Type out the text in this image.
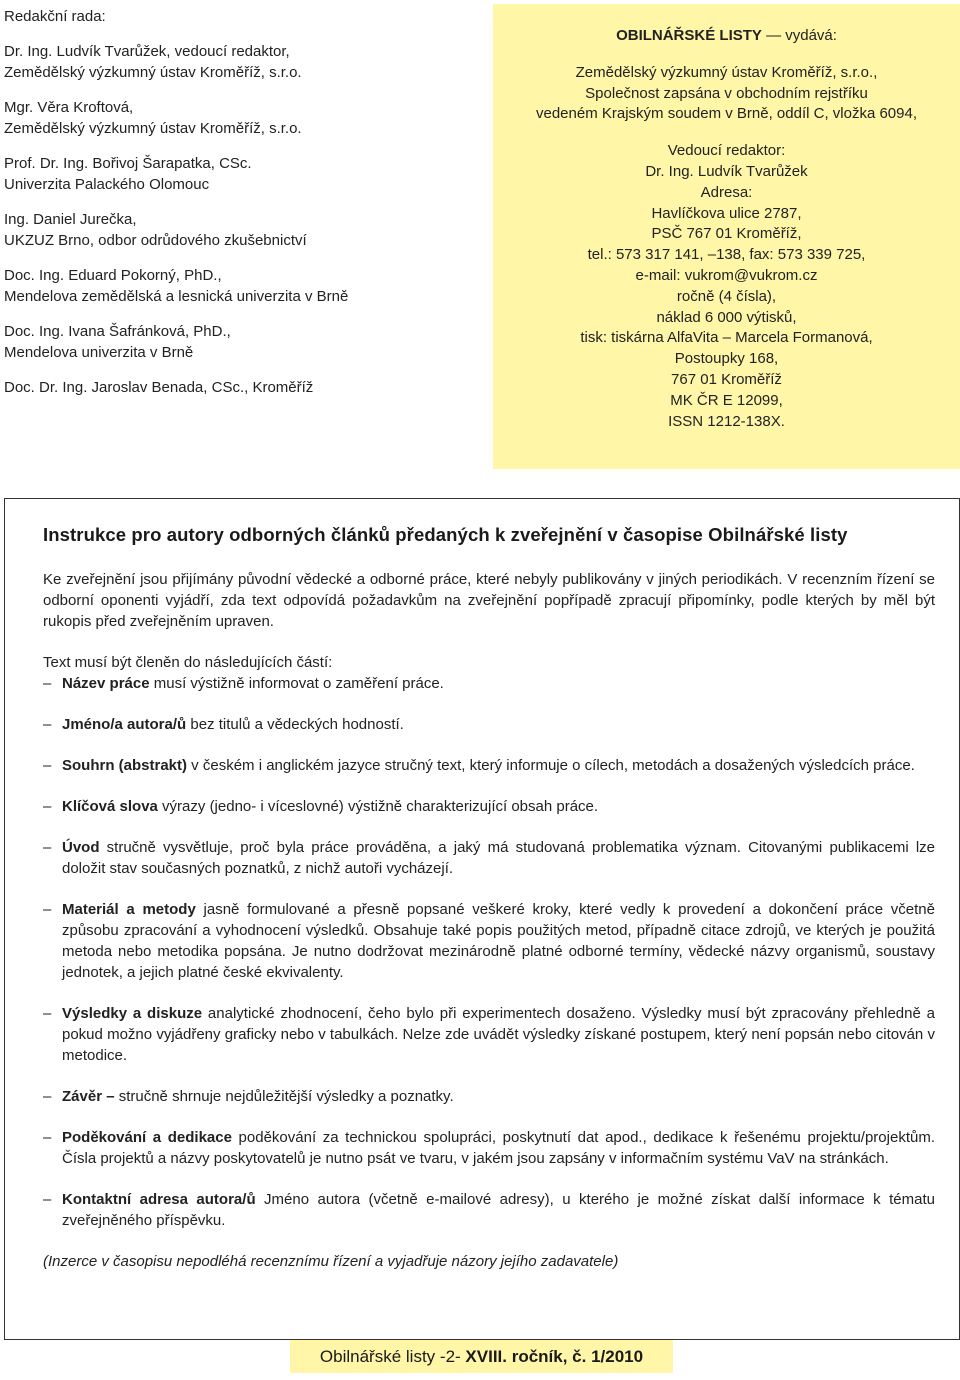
Redakční rada:
Dr. Ing. Ludvík Tvarůžek, vedoucí redaktor,
Zemědělský výzkumný ústav Kroměříž, s.r.o.
Mgr. Věra Kroftová,
Zemědělský výzkumný ústav Kroměříž, s.r.o.
Prof. Dr. Ing. Bořivoj Šarapatka, CSc.
Univerzita Palackého Olomouc
Ing. Daniel Jurečka,
UKZUZ Brno, odbor odrůdového zkušebnictví
Doc. Ing. Eduard Pokorný, PhD.,
Mendelova zemědělská a lesnická univerzita v Brně
Doc. Ing. Ivana Šafránková, PhD.,
Mendelova univerzita v Brně
Doc. Dr. Ing. Jaroslav Benada, CSc., Kroměříž
OBILNÁŘSKÉ LISTY — vydává:
Zemědělský výzkumný ústav Kroměříž, s.r.o.,
Společnost zapsána v obchodním rejstříku
vedeném Krajským soudem v Brně, oddíl C, vložka 6094,
Vedoucí redaktor:
Dr. Ing. Ludvík Tvarůžek
Adresa:
Havlíčkova ulice 2787,
PSČ 767 01 Kroměříž,
tel.: 573 317 141, –138, fax: 573 339 725,
e-mail: vukrom@vukrom.cz
ročně (4 čísla),
náklad 6 000 výtisků,
tisk: tiskárna AlfaVita – Marcela Formanová,
Postoupky 168,
767 01 Kroměříž
MK ČR E 12099,
ISSN 1212-138X.
Instrukce pro autory odborných článků předaných k zveřejnění v časopise Obilnářské listy
Ke zveřejnění jsou přijímány původní vědecké a odborné práce, které nebyly publikovány v jiných periodikách. V recenzním řízení se odborní oponenti vyjádří, zda text odpovídá požadavkům na zveřejnění popřípadě zpracují připomínky, podle kterých by měl být rukopis před zveřejněním upraven.
Text musí být členěn do následujících částí:
– Název práce musí výstižně informovat o zaměření práce.
– Jméno/a autora/ů bez titulů a vědeckých hodností.
– Souhrn (abstrakt) v českém i anglickém jazyce stručný text, který informuje o cílech, metodách a dosažených výsledcích práce.
– Klíčová slova výrazy (jedno- i víceslovné) výstižně charakterizující obsah práce.
– Úvod stručně vysvětluje, proč byla práce prováděna, a jaký má studovaná problematika význam. Citovanými publikacemi lze doložit stav současných poznatků, z nichž autoři vycházejí.
– Materiál a metody jasně formulované a přesně popsané veškeré kroky, které vedly k provedení a dokončení práce včetně způsobu zpracování a vyhodnocení výsledků. Obsahuje také popis použitých metod, případně citace zdrojů, ve kterých je použitá metoda nebo metodika popsána. Je nutno dodržovat mezinárodně platné odborné termíny, vědecké názvy organismů, soustavy jednotek, a jejich platné české ekvivalenty.
– Výsledky a diskuze analytické zhodnocení, čeho bylo při experimentech dosaženo. Výsledky musí být zpracovány přehledně a pokud možno vyjádřeny graficky nebo v tabulkách. Nelze zde uvádět výsledky získané postupem, který není popsán nebo citován v metodice.
– Závěr – stručně shrnuje nejdůležitější výsledky a poznatky.
– Poděkování a dedikace poděkování za technickou spolupráci, poskytnutí dat apod., dedikace k řešenému projektu/projektům. Čísla projektů a názvy poskytovatelů je nutno psát ve tvaru, v jakém jsou zapsány v informačním systému VaV na stránkách.
– Kontaktní adresa autora/ů Jméno autora (včetně e-mailové adresy), u kterého je možné získat další informace k tématu zveřejněného příspěvku.
(Inzerce v časopisu nepodléhá recenznímu řízení a vyjadřuje názory jejího zadavatele)
Obilnářské listy -2- XVIII. ročník, č. 1/2010
